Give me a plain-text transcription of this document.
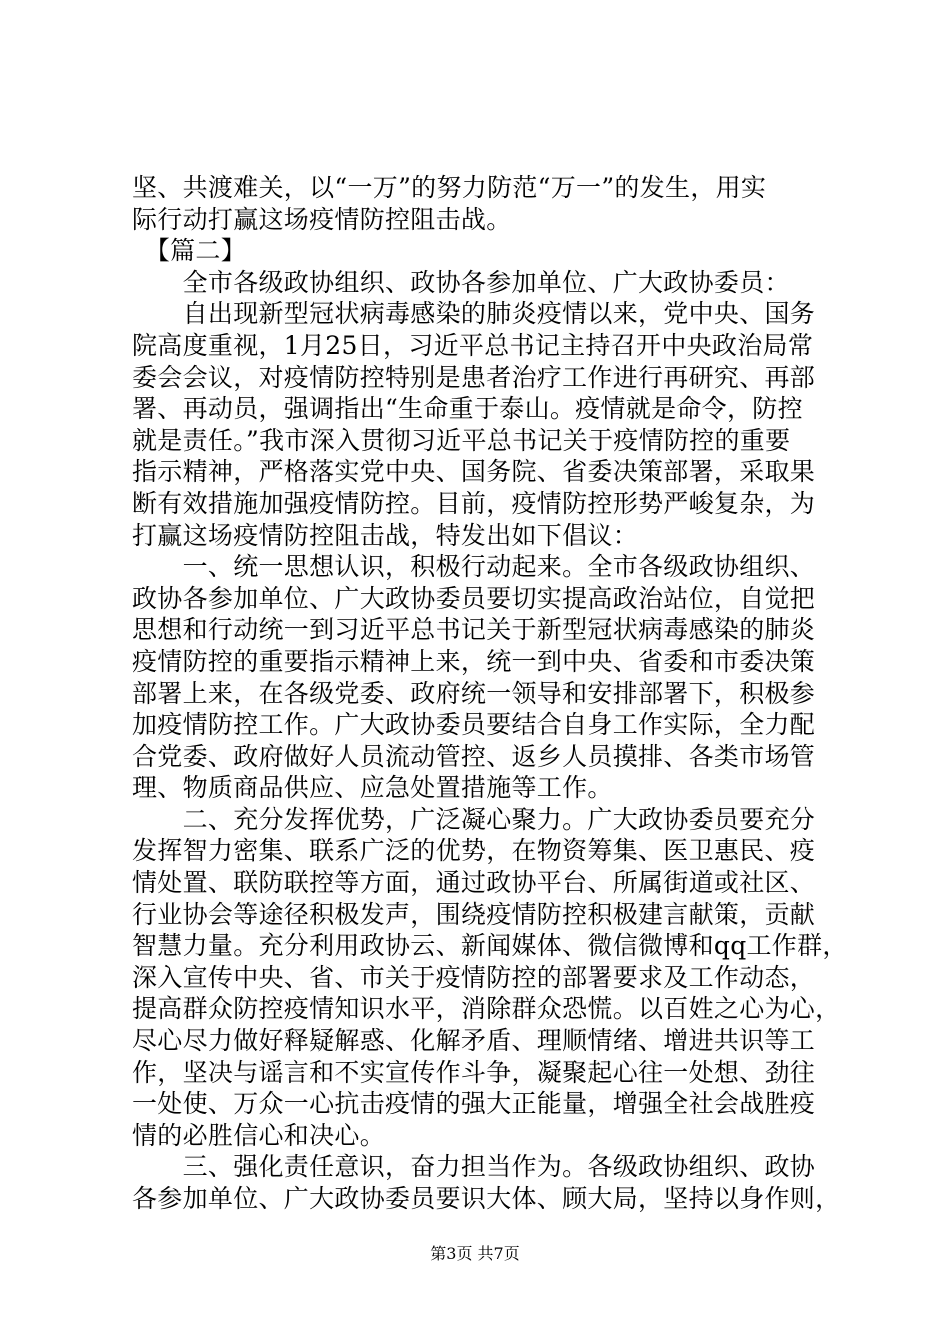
坚、共渡难关，以“一万”的努力防范“万一”的发生，用实
际行动打赢这场疫情防控阻击战。
　【篇二】
　　全市各级政协组织、政协各参加单位、广大政协委员：
　　自出现新型冠状病毒感染的肺炎疫情以来，党中央、国务
院高度重视，1月25日，习近平总书记主持召开中央政治局常
委会会议，对疫情防控特别是患者治疗工作进行再研究、再部
署、再动员，强调指出“生命重于泰山。疫情就是命令，防控
就是责任。”我市深入贯彻习近平总书记关于疫情防控的重要
指示精神，严格落实党中央、国务院、省委决策部署，采取果
断有效措施加强疫情防控。目前，疫情防控形势严峻复杂，为
打赢这场疫情防控阻击战，特发出如下倡议：
　　一、统一思想认识，积极行动起来。全市各级政协组织、
政协各参加单位、广大政协委员要切实提高政治站位，自觉把
思想和行动统一到习近平总书记关于新型冠状病毒感染的肺炎
疫情防控的重要指示精神上来，统一到中央、省委和市委决策
部署上来，在各级党委、政府统一领导和安排部署下，积极参
加疫情防控工作。广大政协委员要结合自身工作实际，全力配
合党委、政府做好人员流动管控、返乡人员摸排、各类市场管
理、物质商品供应、应急处置措施等工作。
　　二、充分发挥优势，广泛凝心聚力。广大政协委员要充分
发挥智力密集、联系广泛的优势，在物资筹集、医卫惠民、疫
情处置、联防联控等方面，通过政协平台、所属街道或社区、
行业协会等途径积极发声，围绕疫情防控积极建言献策，贡献
智慧力量。充分利用政协云、新闻媒体、微信微博和qq工作群，
深入宣传中央、省、市关于疫情防控的部署要求及工作动态，
提高群众防控疫情知识水平，消除群众恐慌。以百姓之心为心，
尽心尽力做好释疑解惑、化解矛盾、理顺情绪、增进共识等工
作，坚决与谣言和不实宣传作斗争，凝聚起心往一处想、劲往
一处使、万众一心抗击疫情的强大正能量，增强全社会战胜疫
情的必胜信心和决心。
　　三、强化责任意识，奋力担当作为。各级政协组织、政协
各参加单位、广大政协委员要识大体、顾大局，坚持以身作则，
第3页 共7页
